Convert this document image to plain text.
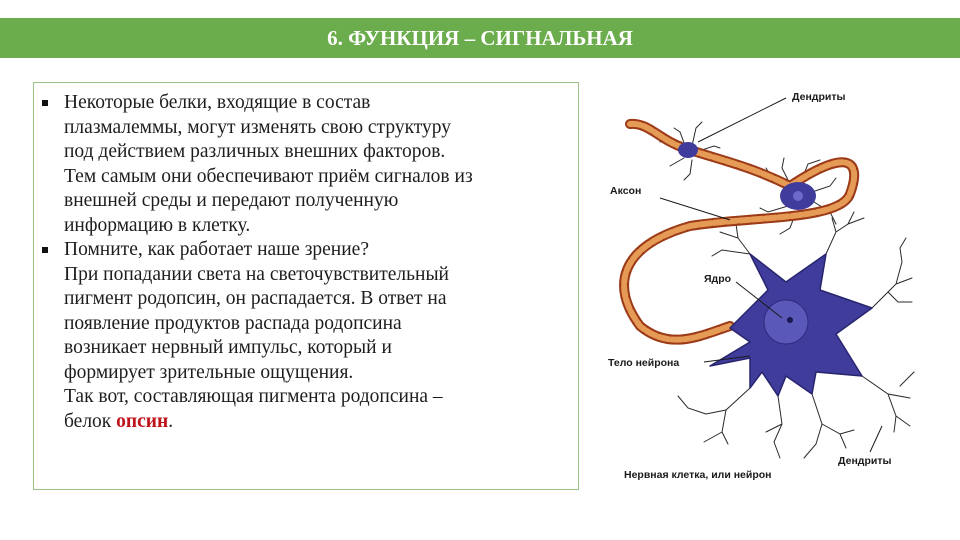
6. ФУНКЦИЯ – СИГНАЛЬНАЯ
Некоторые белки, входящие в состав
плазмалеммы, могут изменять свою структуру
под действием различных внешних факторов.
Тем самым они обеспечивают приём сигналов из
внешней среды и передают полученную
информацию в клетку.
Помните, как работает наше зрение?
При попадании света на светочувствительный
пигмент родопсин, он распадается. В ответ на
появление продуктов распада родопсина
возникает нервный импульс, который и
формирует зрительные ощущения.
Так вот, составляющая пигмента родопсина –
белок опсин.
Дендриты
Аксон
Ядро
Тело нейрона
Дендриты
Нервная клетка, или нейрон
